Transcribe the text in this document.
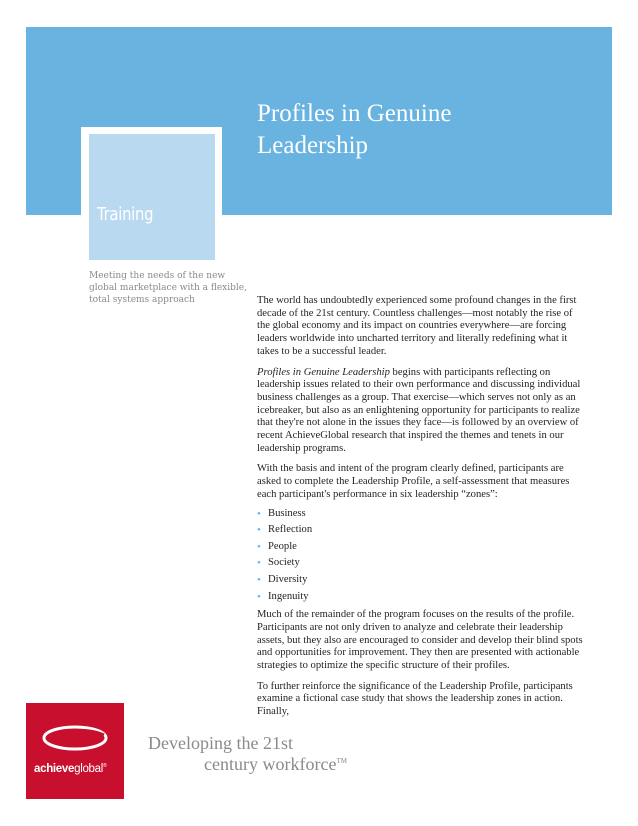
Profiles in Genuine
Leadership
Training
Meeting the needs of the new global marketplace with a flexible, total systems approach	The world has undoubtedly experienced some profound changes in the first decade of the 21st century. Countless challenges—most notably the rise of the global economy and its impact on countries everywhere—are forcing leaders worldwide into uncharted territory and literally redefining what it takes to be a successful leader.

Profiles in Genuine Leadership begins with participants reflecting on leadership issues related to their own performance and discussing individual business challenges as a group. That exercise—which serves not only as an icebreaker, but also as an enlightening opportunity for participants to realize that they're not alone in the issues they face—is followed by an overview of recent AchieveGlobal research that inspired the themes and tenets in our leadership programs.

With the basis and intent of the program clearly defined, participants are asked to complete the Leadership Profile, a self-assessment that measures each participant's performance in six leadership “zones”:

• Business
• Reflection
• People
• Society
• Diversity
• Ingenuity

Much of the remainder of the program focuses on the results of the profile. Participants are not only driven to analyze and celebrate their leadership assets, but they also are encouraged to consider and develop their blind spots and opportunities for improvement. They then are presented with actionable strategies to optimize the specific structure of their profiles.

To further reinforce the significance of the Leadership Profile, participants examine a fictional case study that shows the leadership zones in action. Finally,

achieveglobal®
Developing the 21st
century workforce™
